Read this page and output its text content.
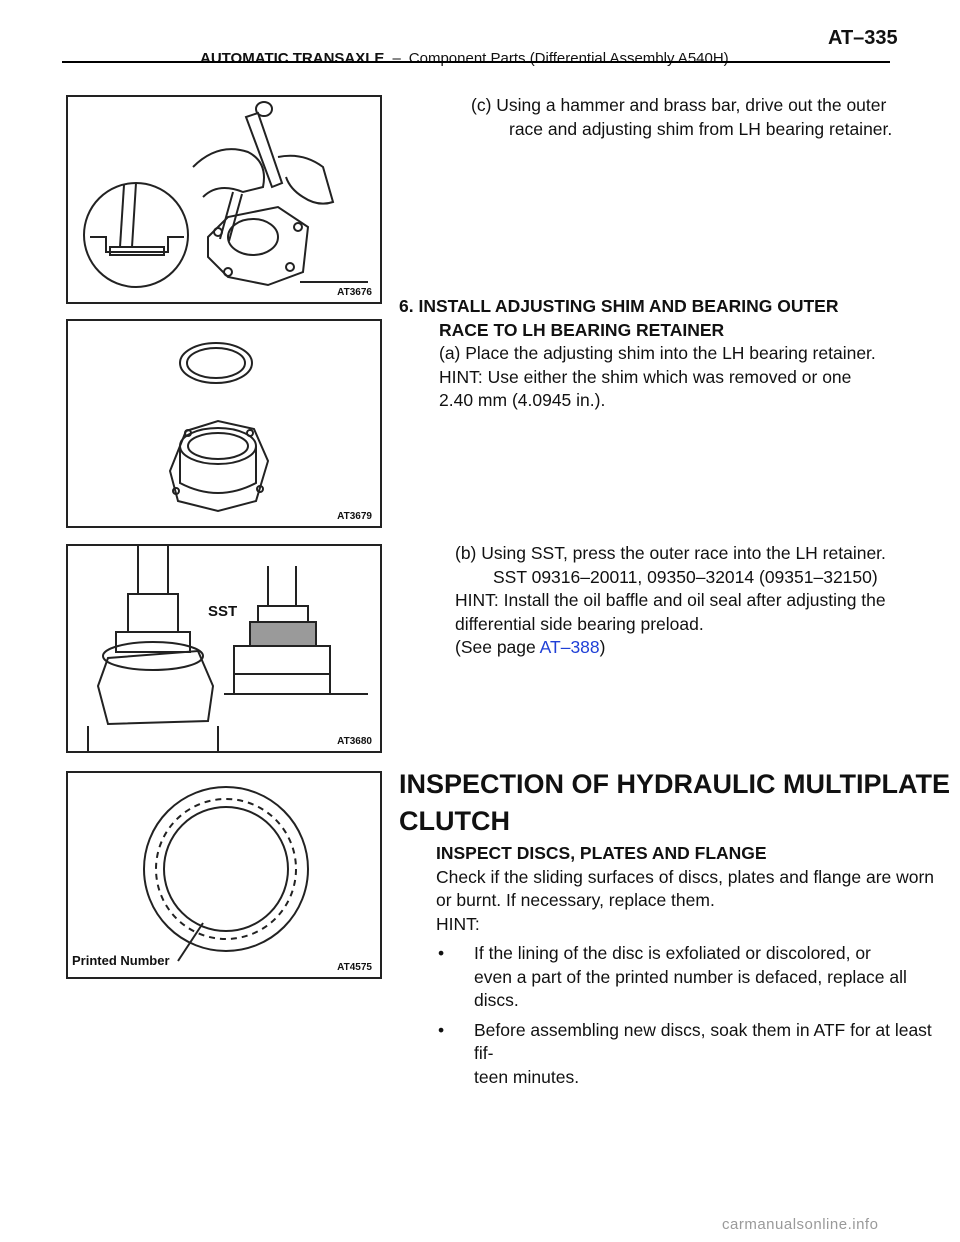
AUTOMATIC TRANSAXLE – Component Parts (Differential Assembly A540H)
AT–335
AT3676

(c) Using a hammer and brass bar, drive out the outer

race and adjusting shim from LH bearing retainer.

AT3679

6. INSTALL ADJUSTING SHIM AND BEARING OUTER

RACE TO LH BEARING RETAINER

(a) Place the adjusting shim into the LH bearing retainer.

HINT: Use either the shim which was removed or one

2.40 mm (4.0945 in.).

SST
AT3680

(b) Using SST, press the outer race into the LH retainer.

SST 09316–20011, 09350–32014 (09351–32150)

HINT: Install the oil baffle and oil seal after adjusting the

differential side bearing preload.

(See page AT–388)

Printed Number	AT4575

INSPECTION OF HYDRAULIC MULTIPLATE

CLUTCH

INSPECT DISCS, PLATES AND FLANGE

Check if the sliding surfaces of discs, plates and flange are worn

or burnt. If necessary, replace them.

HINT:

•	If the lining of the disc is exfoliated or discolored, or

even a part of the printed number is defaced, replace all

discs.

•	Before assembling new discs, soak them in ATF for at least fif-

teen minutes.

carmanualsonline.info
